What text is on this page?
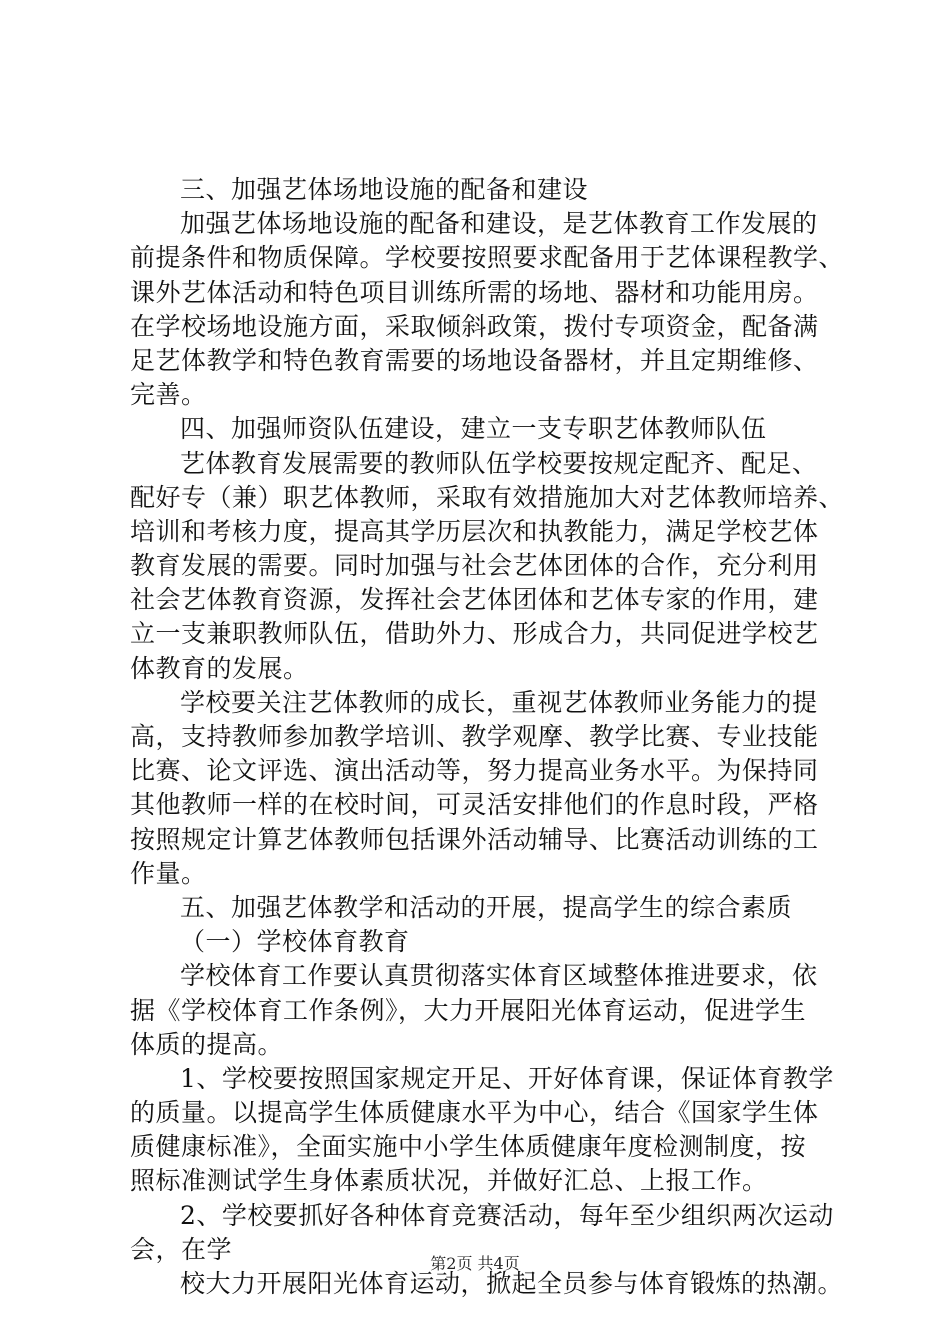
三、加强艺体场地设施的配备和建设
加强艺体场地设施的配备和建设，是艺体教育工作发展的
前提条件和物质保障。学校要按照要求配备用于艺体课程教学、
课外艺体活动和特色项目训练所需的场地、器材和功能用房。
在学校场地设施方面，采取倾斜政策，拨付专项资金，配备满
足艺体教学和特色教育需要的场地设备器材，并且定期维修、
完善。
四、加强师资队伍建设，建立一支专职艺体教师队伍
艺体教育发展需要的教师队伍学校要按规定配齐、配足、
配好专（兼）职艺体教师，采取有效措施加大对艺体教师培养、
培训和考核力度，提高其学历层次和执教能力，满足学校艺体
教育发展的需要。同时加强与社会艺体团体的合作，充分利用
社会艺体教育资源，发挥社会艺体团体和艺体专家的作用，建
立一支兼职教师队伍，借助外力、形成合力，共同促进学校艺
体教育的发展。
学校要关注艺体教师的成长，重视艺体教师业务能力的提
高，支持教师参加教学培训、教学观摩、教学比赛、专业技能
比赛、论文评选、演出活动等，努力提高业务水平。为保持同
其他教师一样的在校时间，可灵活安排他们的作息时段，严格
按照规定计算艺体教师包括课外活动辅导、比赛活动训练的工
作量。
五、加强艺体教学和活动的开展，提高学生的综合素质
（一）学校体育教育
学校体育工作要认真贯彻落实体育区域整体推进要求，依
据《学校体育工作条例》，大力开展阳光体育运动，促进学生
体质的提高。
1、学校要按照国家规定开足、开好体育课，保证体育教学
的质量。以提高学生体质健康水平为中心，结合《国家学生体
质健康标准》，全面实施中小学生体质健康年度检测制度，按
照标准测试学生身体素质状况，并做好汇总、上报工作。
2、学校要抓好各种体育竞赛活动，每年至少组织两次运动
会，在学
校大力开展阳光体育运动，掀起全员参与体育锻炼的热潮。
第2页 共4页
